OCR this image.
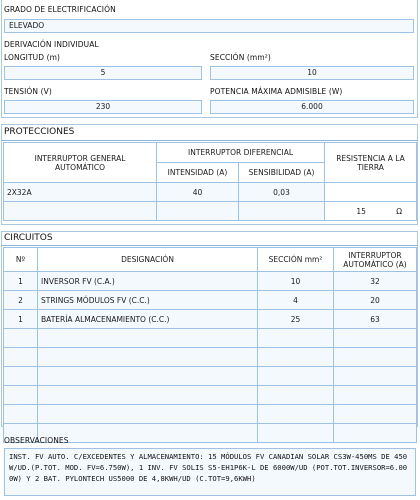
GRADO DE ELECTRIFICACIÓN
ELEVADO
DERIVACIÓN INDIVIDUAL
LONGITUD (m)
5
SECCIÓN (mm²)
10
TENSIÓN (V)
230
POTENCIA MÁXIMA ADMISIBLE (W)
6.000
PROTECCIONES
INTERRUPTOR GENERAL AUTOMÁTICO	INTERRUPTOR DIFERENCIAL		RESISTENCIA A LA TIERRA
	INTENSIDAD (A)	SENSIBILIDAD (A)	
2X32A	40	0,03	
			15 Ω
CIRCUITOS
Nº	DESIGNACIÓN	SECCIÓN mm²	INTERRUPTOR AUTOMÁTICO (A)
1	INVERSOR FV (C.A.)	10	32
2	STRINGS MÓDULOS FV (C.C.)	4	20
1	BATERÍA ALMACENAMIENTO (C.C.)	25	63

OBSERVACIONES
INST. FV AUTO. C/EXCEDENTES Y ALMACENAMIENTO: 15 MÓDULOS FV CANADIAN SOLAR CS3W-450MS DE 450W/UD.(P.TOT. MOD. FV=6.750W), 1 INV. FV SOLIS S5-EH1P6K-L DE 6000W/UD (POT.TOT.INVERSOR=6.000W) Y 2 BAT. PYLONTECH US5000 DE 4,8KWH/UD (C.TOT=9,6KWH)
